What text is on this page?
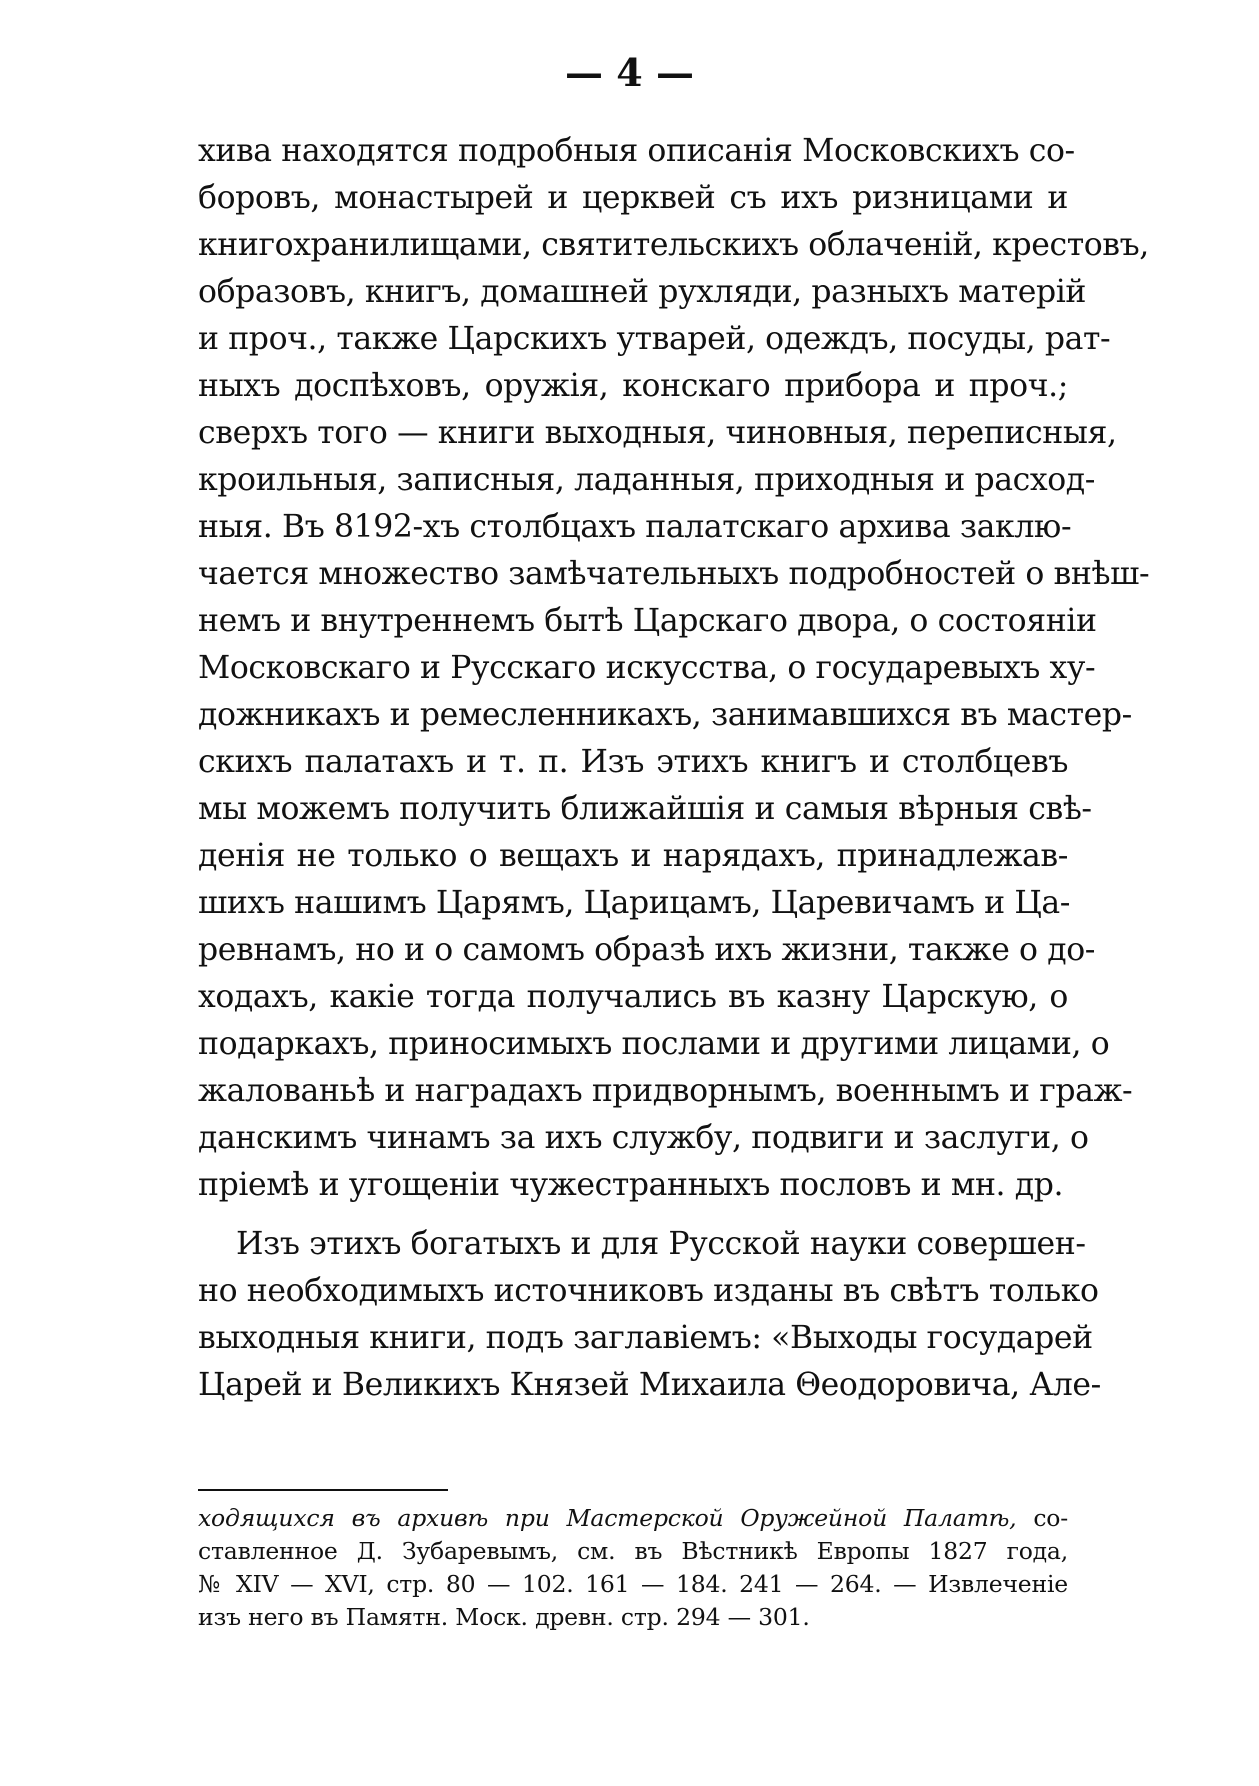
— 4 —
хива находятся подробныя описанія Московскихъ со-
боровъ, монастырей и церквей съ ихъ ризницами и
книгохранилищами, святительскихъ облаченій, крестовъ,
образовъ, книгъ, домашней рухляди, разныхъ матерій
и проч., также Царскихъ утварей, одеждъ, посуды, рат-
ныхъ доспѣховъ, оружія, конскаго прибора и проч.;
сверхъ того — книги выходныя, чиновныя, переписныя,
кроильныя, записныя, ладанныя, приходныя и расход-
ныя. Въ 8192-хъ столбцахъ палатскаго архива заклю-
чается множество замѣчательныхъ подробностей о внѣш-
немъ и внутреннемъ бытѣ Царскаго двора, о состояніи
Московскаго и Русскаго искусства, о государевыхъ ху-
дожникахъ и ремесленникахъ, занимавшихся въ мастер-
скихъ палатахъ и т. п. Изъ этихъ книгъ и столбцевъ
мы можемъ получить ближайшія и самыя вѣрныя свѣ-
денія не только о вещахъ и нарядахъ, принадлежав-
шихъ нашимъ Царямъ, Царицамъ, Царевичамъ и Ца-
ревнамъ, но и о самомъ образѣ ихъ жизни, также о до-
ходахъ, какіе тогда получались въ казну Царскую, о
подаркахъ, приносимыхъ послами и другими лицами, о
жалованьѣ и наградахъ придворнымъ, военнымъ и граж-
данскимъ чинамъ за ихъ службу, подвиги и заслуги, о
пріемѣ и угощеніи чужестранныхъ пословъ и мн. др.
Изъ этихъ богатыхъ и для Русской науки совершен-
но необходимыхъ источниковъ изданы въ свѣтъ только
выходныя книги, подъ заглавіемъ: «Выходы государей
Царей и Великихъ Князей Михаила Θеодоровича, Але-
ходящихся въ архивѣ при Мастерской Оружейной Палатѣ, со-
ставленное Д. Зубаревымъ, см. въ Вѣстникѣ Европы 1827 года,
№ XIV — XVI, стр. 80 — 102. 161 — 184. 241 — 264. — Извлеченіе
изъ него въ Памятн. Моск. древн. стр. 294 — 301.
